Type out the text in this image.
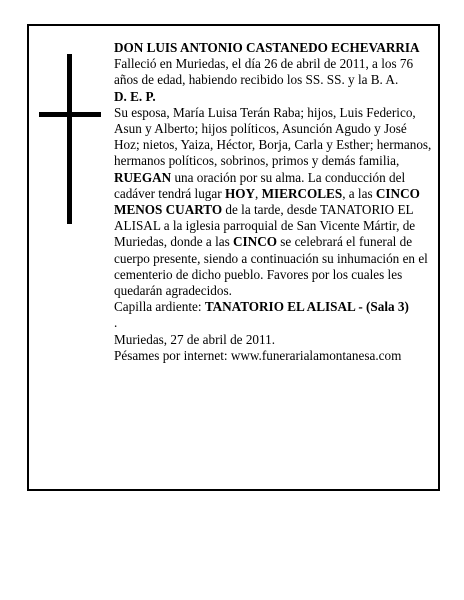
DON LUIS ANTONIO CASTANEDO ECHEVARRIA

Falleció en Muriedas, el día 26 de abril de 2011, a los 76 años de edad, habiendo recibido los SS. SS. y la B. A.

D. E. P.

Su esposa, María Luisa Terán Raba; hijos, Luis Federico, Asun y Alberto; hijos políticos, Asunción Agudo y José Hoz; nietos, Yaiza, Héctor, Borja, Carla y Esther; hermanos, hermanos políticos, sobrinos, primos y demás familia,

RUEGAN una oración por su alma. La conducción del cadáver tendrá lugar HOY, MIERCOLES, a las CINCO MENOS CUARTO de la tarde, desde TANATORIO EL ALISAL a la iglesia parroquial de San Vicente Mártir, de Muriedas, donde a las CINCO se celebrará el funeral de cuerpo presente, siendo a continuación su inhumación en el cementerio de dicho pueblo. Favores por los cuales les quedarán agradecidos.

Capilla ardiente: TANATORIO EL ALISAL - (Sala 3)

.

Muriedas, 27 de abril de 2011.

Pésames por internet: www.funerarialamontanesa.com
